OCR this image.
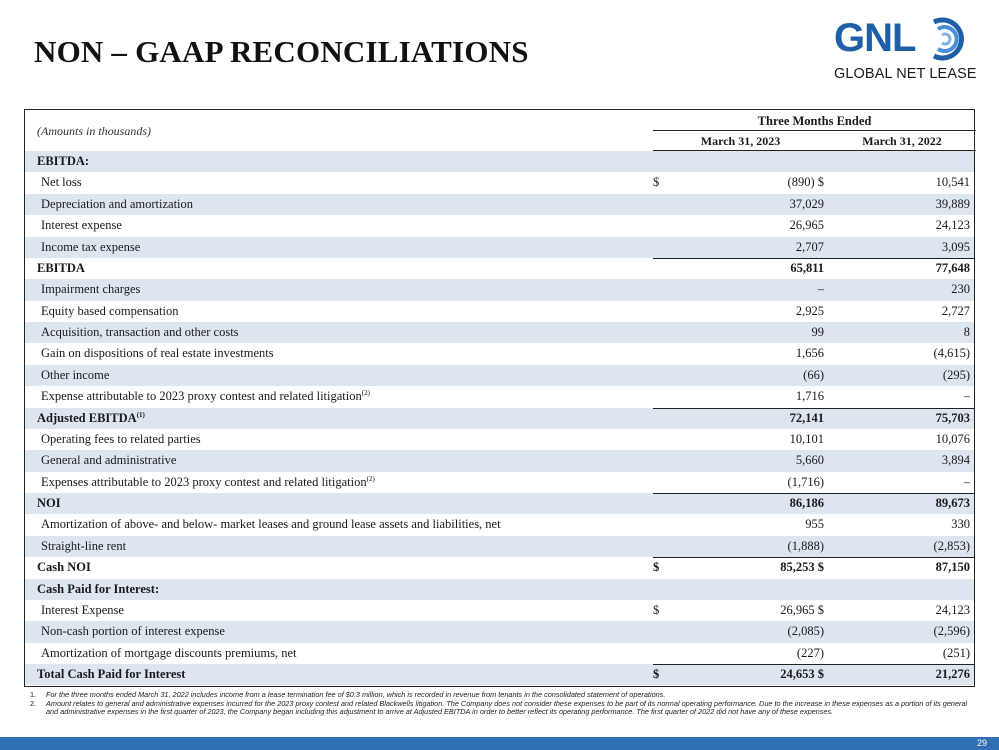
NON – GAAP RECONCILIATIONS	GNL
GLOBAL NET LEASE
(Amounts in thousands)
Three Months Ended
March 31, 2023	March 31, 2022
EBITDA:
Net loss	$	(890) $	10,541
Depreciation and amortization	37,029	39,889
Interest expense	26,965	24,123
Income tax expense	2,707	3,095
EBITDA	65,811	77,648
Impairment charges	–	230
Equity based compensation	2,925	2,727
Acquisition, transaction and other costs	99	8
Gain on dispositions of real estate investments	1,656	(4,615)
Other income	(66)	(295)
Expense attributable to 2023 proxy contest and related litigation$^{(2)}$	1,716	–
Adjusted EBITDA$^{(1)}$	72,141	75,703
Operating fees to related parties	10,101	10,076
General and administrative	5,660	3,894
Expenses attributable to 2023 proxy contest and related litigation$^{(2)}$	(1,716)	–
NOI	86,186	89,673
Amortization of above- and below- market leases and ground lease assets and liabilities, net	955	330
Straight-line rent	(1,888)	(2,853)
Cash NOI	$	85,253 $	87,150
Cash Paid for Interest:
Interest Expense	$	26,965 $	24,123
Non-cash portion of interest expense	(2,085)	(2,596)
Amortization of mortgage discounts premiums, net	(227)	(251)
Total Cash Paid for Interest	$	24,653 $	21,276
1. For the three months ended March 31, 2022 includes income from a lease termination fee of $0.3 million, which is recorded in revenue from tenants in the consolidated statement of operations.
2. Amount relates to general and administrative expenses incurred for the 2023 proxy contest and related Blackwells litigation. The Company does not consider these expenses to be part of its normal operating performance. Due to the increase in these expenses as a portion of its general and administrative expenses in the first quarter of 2023, the Company began including this adjustment to arrive at Adjusted EBITDA in order to better reflect its operating performance. The first quarter of 2022 did not have any of these expenses.
29
